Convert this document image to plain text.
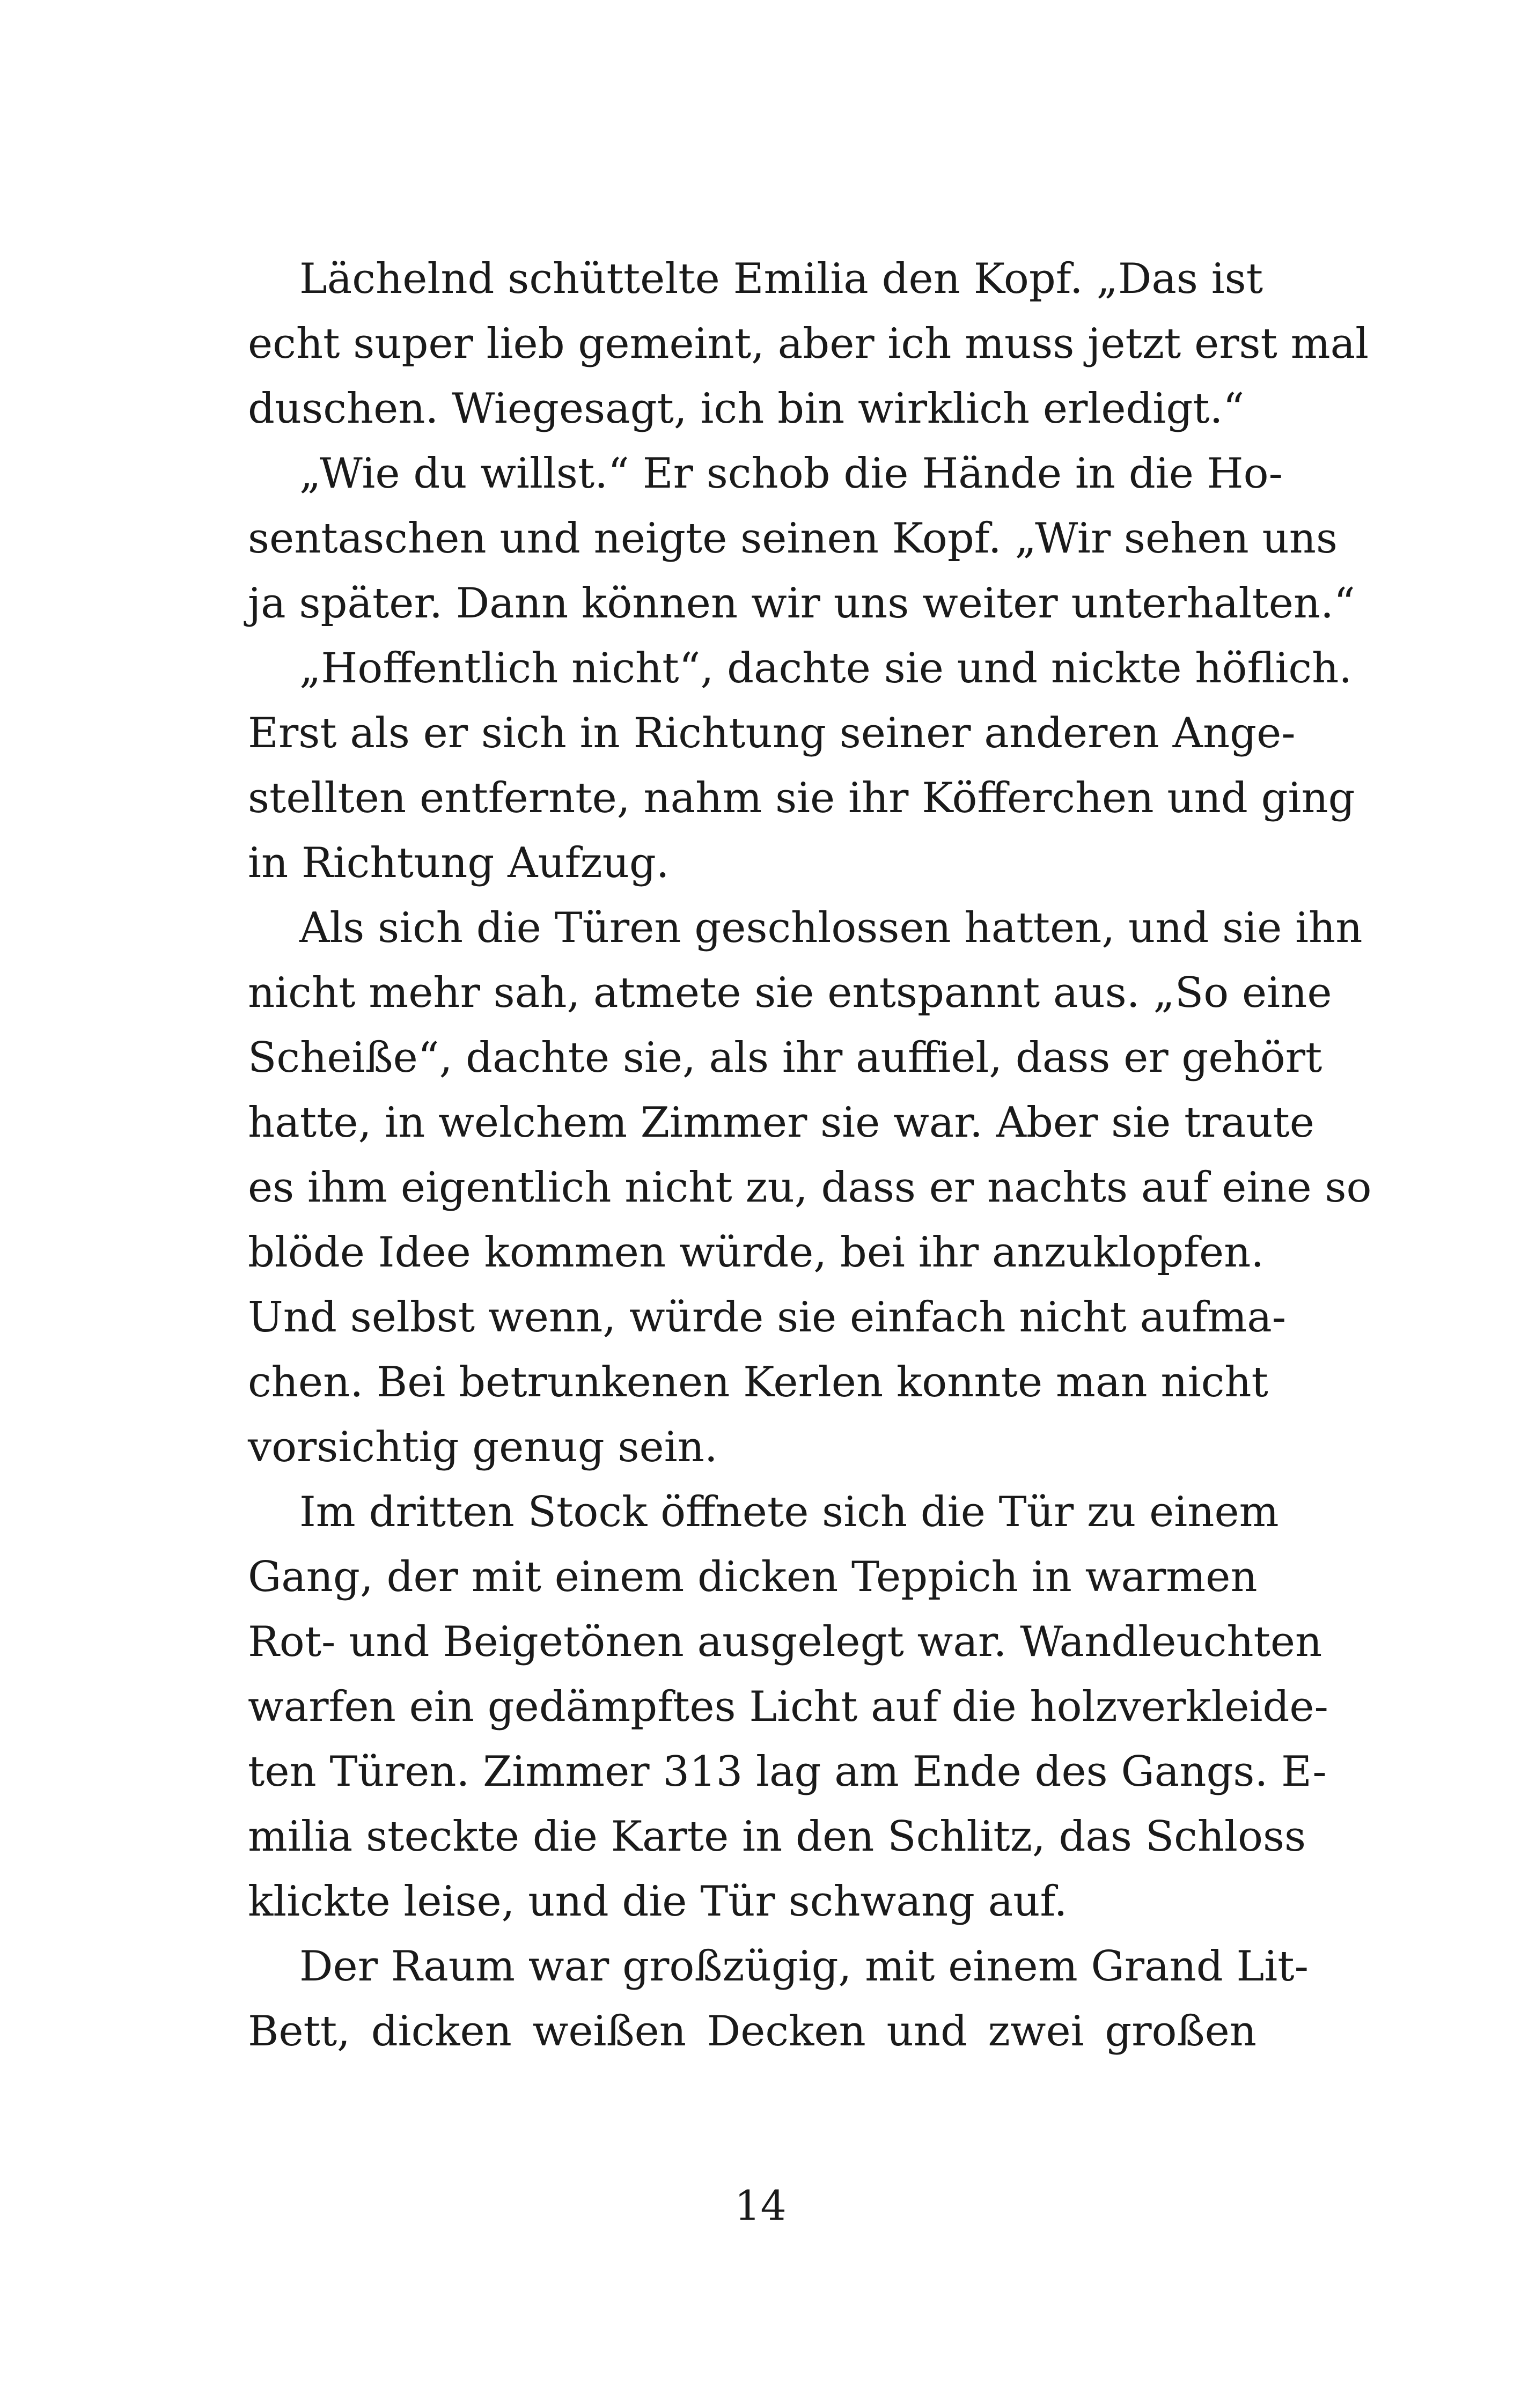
Lächelnd schüttelte Emilia den Kopf. „Das ist
echt super lieb gemeint, aber ich muss jetzt erst mal
duschen. Wiegesagt, ich bin wirklich erledigt.“
„Wie du willst.“ Er schob die Hände in die Ho-
sentaschen und neigte seinen Kopf. „Wir sehen uns
ja später. Dann können wir uns weiter unterhalten.“
„Hoffentlich nicht“, dachte sie und nickte höflich.
Erst als er sich in Richtung seiner anderen Ange-
stellten entfernte, nahm sie ihr Köfferchen und ging
in Richtung Aufzug.
Als sich die Türen geschlossen hatten, und sie ihn
nicht mehr sah, atmete sie entspannt aus. „So eine
Scheiße“, dachte sie, als ihr auffiel, dass er gehört
hatte, in welchem Zimmer sie war. Aber sie traute
es ihm eigentlich nicht zu, dass er nachts auf eine so
blöde Idee kommen würde, bei ihr anzuklopfen.
Und selbst wenn, würde sie einfach nicht aufma-
chen. Bei betrunkenen Kerlen konnte man nicht
vorsichtig genug sein.
Im dritten Stock öffnete sich die Tür zu einem
Gang, der mit einem dicken Teppich in warmen
Rot- und Beigetönen ausgelegt war. Wandleuchten
warfen ein gedämpftes Licht auf die holzverkleide-
ten Türen. Zimmer 313 lag am Ende des Gangs. E-
milia steckte die Karte in den Schlitz, das Schloss
klickte leise, und die Tür schwang auf.
Der Raum war großzügig, mit einem Grand Lit-
Bett, dicken weißen Decken und zwei großen
14
